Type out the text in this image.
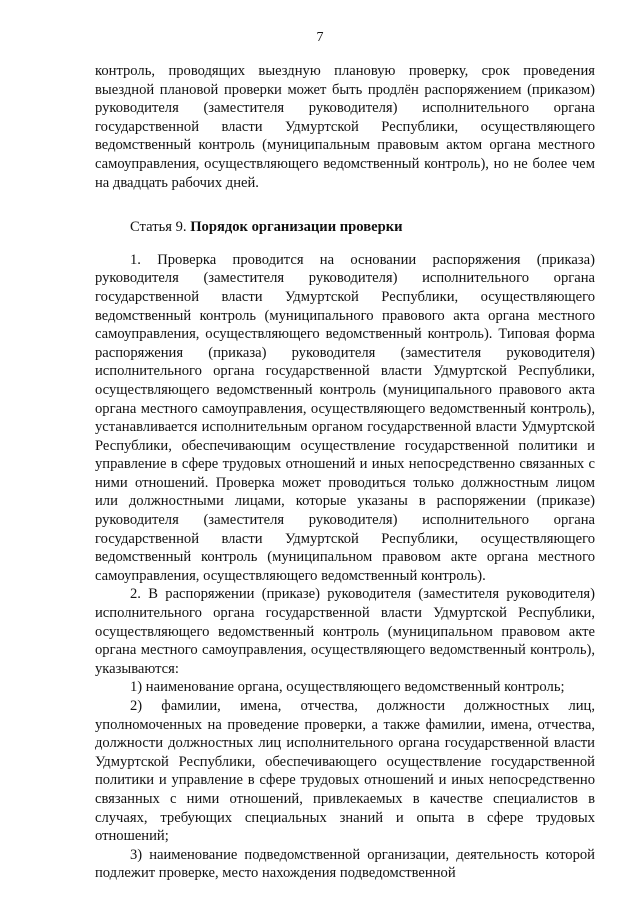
7

контроль, проводящих выездную плановую проверку, срок проведения выездной плановой проверки может быть продлён распоряжением (приказом) руководителя (заместителя руководителя) исполнительного органа государственной власти Удмуртской Республики, осуществляющего ведомственный контроль (муниципальным правовым актом органа местного самоуправления, осуществляющего ведомственный контроль), но не более чем на двадцать рабочих дней.

Статья 9. Порядок организации проверки

1. Проверка проводится на основании распоряжения (приказа) руководителя (заместителя руководителя) исполнительного органа государственной власти Удмуртской Республики, осуществляющего ведомственный контроль (муниципального правового акта органа местного самоуправления, осуществляющего ведомственный контроль). Типовая форма распоряжения (приказа) руководителя (заместителя руководителя) исполнительного органа государственной власти Удмуртской Республики, осуществляющего ведомственный контроль (муниципального правового акта органа местного самоуправления, осуществляющего ведомственный контроль), устанавливается исполнительным органом государственной власти Удмуртской Республики, обеспечивающим осуществление государственной политики и управление в сфере трудовых отношений и иных непосредственно связанных с ними отношений. Проверка может проводиться только должностным лицом или должностными лицами, которые указаны в распоряжении (приказе) руководителя (заместителя руководителя) исполнительного органа государственной власти Удмуртской Республики, осуществляющего ведомственный контроль (муниципальном правовом акте органа местного самоуправления, осуществляющего ведомственный контроль).

2. В распоряжении (приказе) руководителя (заместителя руководителя) исполнительного органа государственной власти Удмуртской Республики, осуществляющего ведомственный контроль (муниципальном правовом акте органа местного самоуправления, осуществляющего ведомственный контроль), указываются:

1) наименование органа, осуществляющего ведомственный контроль;

2) фамилии, имена, отчества, должности должностных лиц, уполномоченных на проведение проверки, а также фамилии, имена, отчества, должности должностных лиц исполнительного органа государственной власти Удмуртской Республики, обеспечивающего осуществление государственной политики и управление в сфере трудовых отношений и иных непосредственно связанных с ними отношений, привлекаемых в качестве специалистов в случаях, требующих специальных знаний и опыта в сфере трудовых отношений;

3) наименование подведомственной организации, деятельность которой подлежит проверке, место нахождения подведомственной
